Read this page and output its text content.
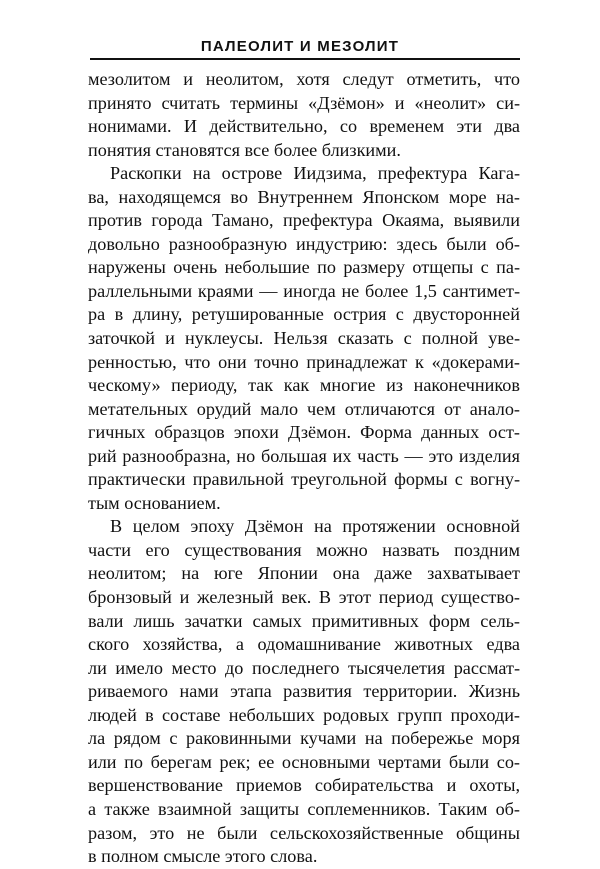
ПАЛЕОЛИТ И МЕЗОЛИТ
мезолитом и неолитом, хотя следут отметить, что
принято считать термины «Дзёмон» и «неолит» си-
нонимами. И действительно, со временем эти два
понятия становятся все более близкими.
Раскопки на острове Иидзима, префектура Кага-
ва, находящемся во Внутреннем Японском море на-
против города Тамано, префектура Окаяма, выявили
довольно разнообразную индустрию: здесь были об-
наружены очень небольшие по размеру отщепы с па-
раллельными краями — иногда не более 1,5 сантимет-
ра в длину, ретушированные острия с двусторонней
заточкой и нуклеусы. Нельзя сказать с полной уве-
ренностью, что они точно принадлежат к «докерами-
ческому» периоду, так как многие из наконечников
метательных орудий мало чем отличаются от анало-
гичных образцов эпохи Дзёмон. Форма данных ост-
рий разнообразна, но большая их часть — это изделия
практически правильной треугольной формы с вогну-
тым основанием.
В целом эпоху Дзёмон на протяжении основной
части его существования можно назвать поздним
неолитом; на юге Японии она даже захватывает
бронзовый и железный век. В этот период существо-
вали лишь зачатки самых примитивных форм сель-
ского хозяйства, а одомашнивание животных едва
ли имело место до последнего тысячелетия рассмат-
риваемого нами этапа развития территории. Жизнь
людей в составе небольших родовых групп проходи-
ла рядом с раковинными кучами на побережье моря
или по берегам рек; ее основными чертами были со-
вершенствование приемов собирательства и охоты,
а также взаимной защиты соплеменников. Таким об-
разом, это не были сельскохозяйственные общины
в полном смысле этого слова.
